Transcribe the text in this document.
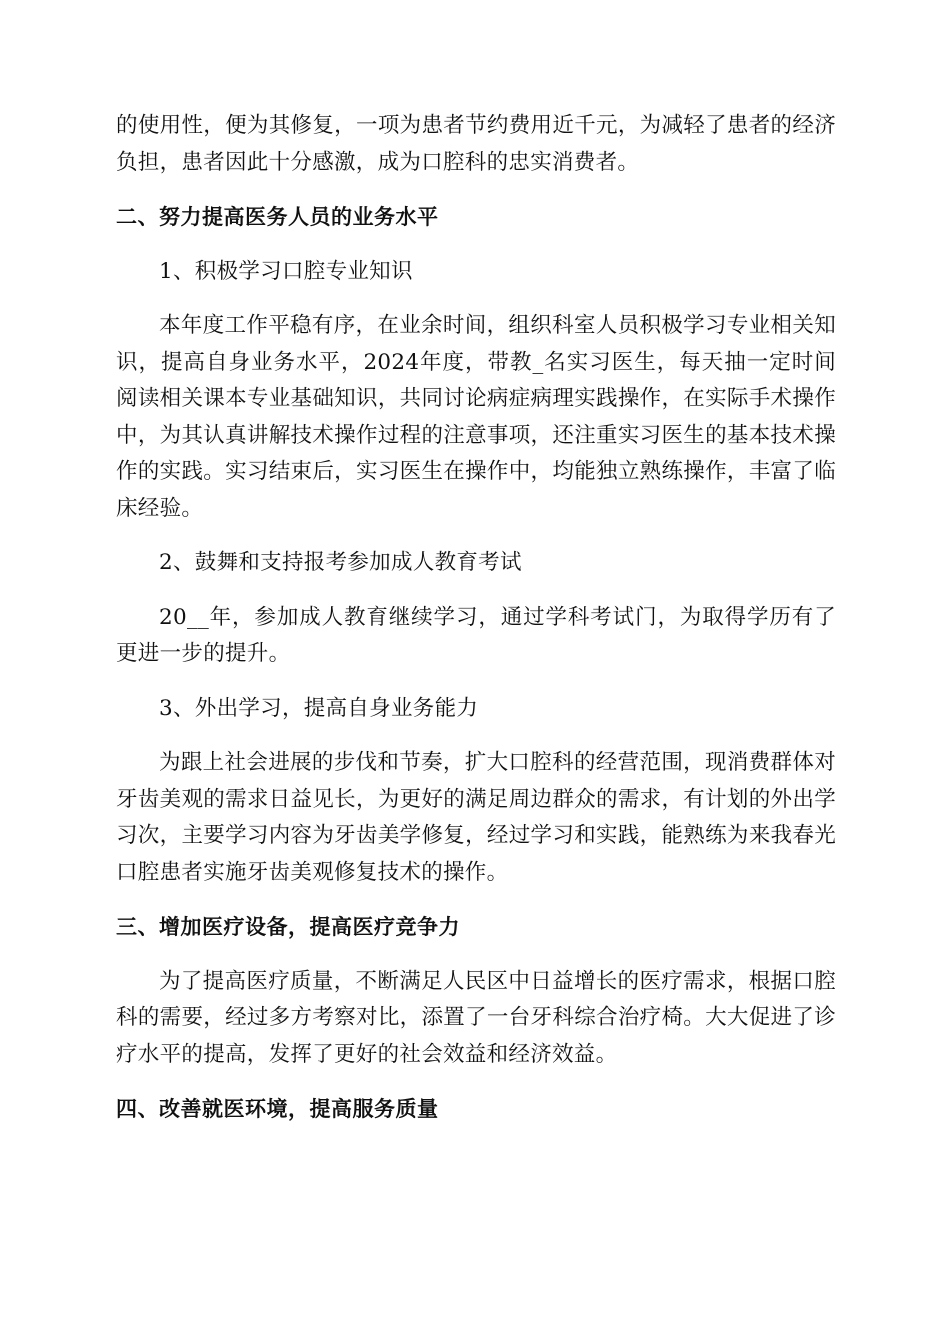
的使用性，便为其修复，一项为患者节约费用近千元，为减轻了患者的经济负担，患者因此十分感激，成为口腔科的忠实消费者。

二、努力提高医务人员的业务水平

1、积极学习口腔专业知识

本年度工作平稳有序，在业余时间，组织科室人员积极学习专业相关知识，提高自身业务水平，2024年度，带教_名实习医生，每天抽一定时间阅读相关课本专业基础知识，共同讨论病症病理实践操作，在实际手术操作中，为其认真讲解技术操作过程的注意事项，还注重实习医生的基本技术操作的实践。实习结束后，实习医生在操作中，均能独立熟练操作，丰富了临床经验。

2、鼓舞和支持报考参加成人教育考试

20__年，参加成人教育继续学习，通过学科考试门，为取得学历有了更进一步的提升。

3、外出学习，提高自身业务能力

为跟上社会进展的步伐和节奏，扩大口腔科的经营范围，现消费群体对牙齿美观的需求日益见长，为更好的满足周边群众的需求，有计划的外出学习次，主要学习内容为牙齿美学修复，经过学习和实践，能熟练为来我春光口腔患者实施牙齿美观修复技术的操作。

三、增加医疗设备，提高医疗竞争力

为了提高医疗质量，不断满足人民区中日益增长的医疗需求，根据口腔科的需要，经过多方考察对比，添置了一台牙科综合治疗椅。大大促进了诊疗水平的提高，发挥了更好的社会效益和经济效益。

四、改善就医环境，提高服务质量
